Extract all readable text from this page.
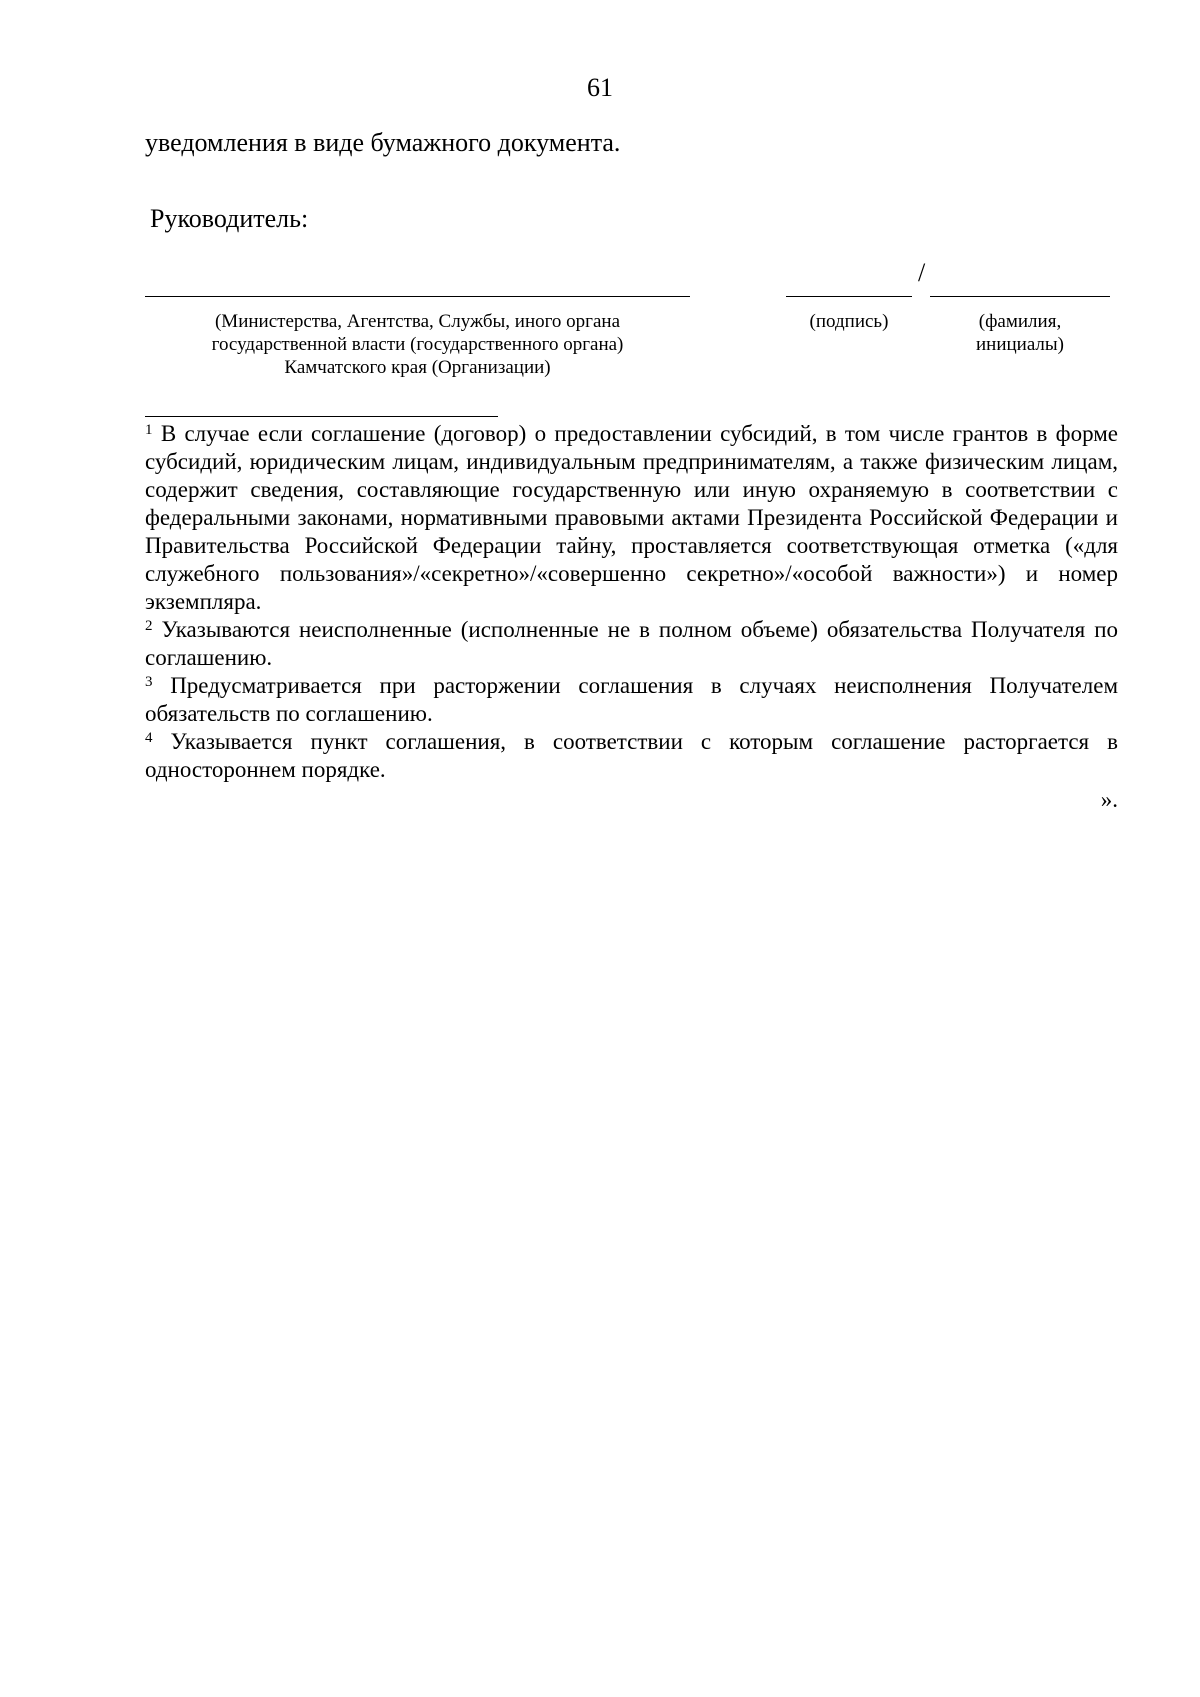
61
уведомления в виде бумажного документа.
Руководитель:
/
(Министерства, Агентства, Службы, иного органа
государственной власти (государственного органа)
Камчатского края (Организации)
(подпись)	(фамилия,
инициалы)

$^1$ В случае если соглашение (договор) о предоставлении субсидий, в том числе грантов в форме субсидий, юридическим лицам, индивидуальным предпринимателям, а также физическим лицам, содержит сведения, составляющие государственную или иную охраняемую в соответствии с федеральными законами, нормативными правовыми актами Президента Российской Федерации и Правительства Российской Федерации тайну, проставляется соответствующая отметка («для служебного пользования»/«секретно»/«совершенно секретно»/«особой важности») и номер экземпляра.

$^2$ Указываются неисполненные (исполненные не в полном объеме) обязательства Получателя по соглашению.

$^3$ Предусматривается при расторжении соглашения в случаях неисполнения Получателем обязательств по соглашению.

$^4$ Указывается пункт соглашения, в соответствии с которым соглашение расторгается в одностороннем порядке.

».
